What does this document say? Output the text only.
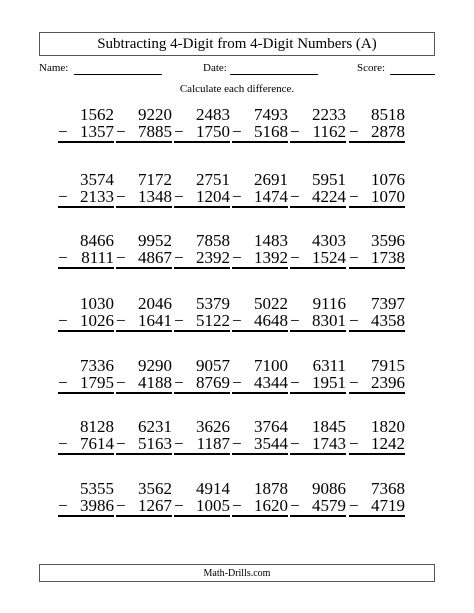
Subtracting 4-Digit from 4-Digit Numbers (A)
Name:	Date:	Score:
Calculate each difference.
1562
− 1357
9220
− 7885
2483
− 1750
7493
− 5168
2233
− 1162
8518
− 2878
3574
− 2133
7172
− 1348
2751
− 1204
2691
− 1474
5951
− 4224
1076
− 1070
8466
− 8111
9952
− 4867
7858
− 2392
1483
− 1392
4303
− 1524
3596
− 1738
1030
− 1026
2046
− 1641
5379
− 5122
5022
− 4648
9116
− 8301
7397
− 4358
7336
− 1795
9290
− 4188
9057
− 8769
7100
− 4344
6311
− 1951
7915
− 2396
8128
− 7614
6231
− 5163
3626
− 1187
3764
− 3544
1845
− 1743
1820
− 1242
5355
− 3986
3562
− 1267
4914
− 1005
1878
− 1620
9086
− 4579
7368
− 4719
Math-Drills.com
